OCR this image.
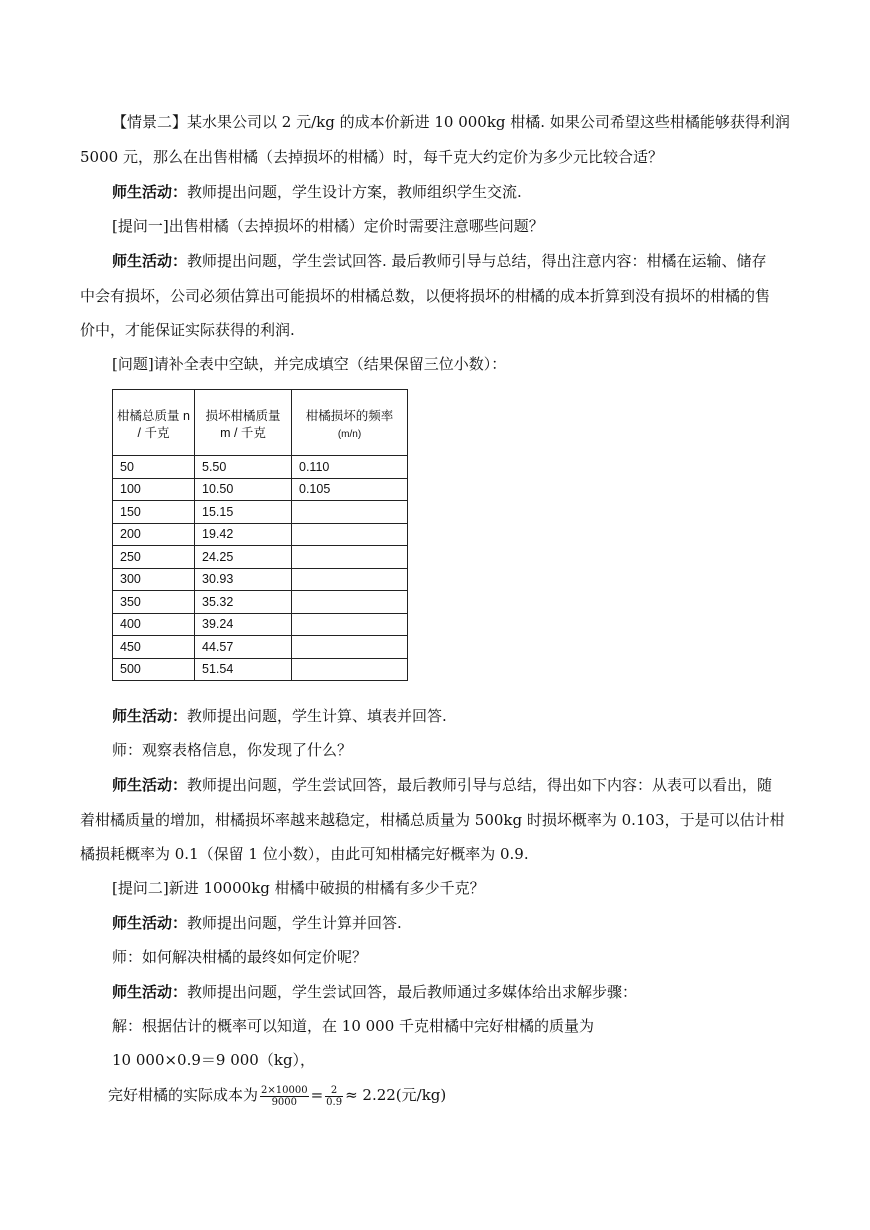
【情景二】某水果公司以 2 元/kg 的成本价新进 10 000kg 柑橘. 如果公司希望这些柑橘能够获得利润

5000 元，那么在出售柑橘（去掉损坏的柑橘）时，每千克大约定价为多少元比较合适？

师生活动：教师提出问题，学生设计方案，教师组织学生交流.

[提问一]出售柑橘（去掉损坏的柑橘）定价时需要注意哪些问题？

师生活动：教师提出问题，学生尝试回答. 最后教师引导与总结，得出注意内容：柑橘在运输、储存

中会有损坏，公司必须估算出可能损坏的柑橘总数，以便将损坏的柑橘的成本折算到没有损坏的柑橘的售

价中，才能保证实际获得的利润.

[问题]请补全表中空缺，并完成填空（结果保留三位小数）：

柑橘总质量 n
/ 千克	损坏柑橘质量
m / 千克	柑橘损坏的频率
(m/n)
50	5.50	0.110
100	10.50	0.105
150	15.15	
200	19.42	
250	24.25	
300	30.93	
350	35.32	
400	39.24	
450	44.57	
500	51.54	

师生活动：教师提出问题，学生计算、填表并回答.

师：观察表格信息，你发现了什么？

师生活动：教师提出问题，学生尝试回答，最后教师引导与总结，得出如下内容：从表可以看出，随

着柑橘质量的增加，柑橘损坏率越来越稳定，柑橘总质量为 500kg 时损坏概率为 0.103，于是可以估计柑

橘损耗概率为 0.1（保留 1 位小数），由此可知柑橘完好概率为 0.9.

[提问二]新进 10000kg 柑橘中破损的柑橘有多少千克？

师生活动：教师提出问题，学生计算并回答.

师：如何解决柑橘的最终如何定价呢？

师生活动：教师提出问题，学生尝试回答，最后教师通过多媒体给出求解步骤：

解：根据估计的概率可以知道，在 10 000 千克柑橘中完好柑橘的质量为

10 000×0.9＝9 000（kg），

完好柑橘的实际成本为 $\frac{2\times 10000}{9000} = \frac{2}{0.9} \approx 2.22$(元/kg)
